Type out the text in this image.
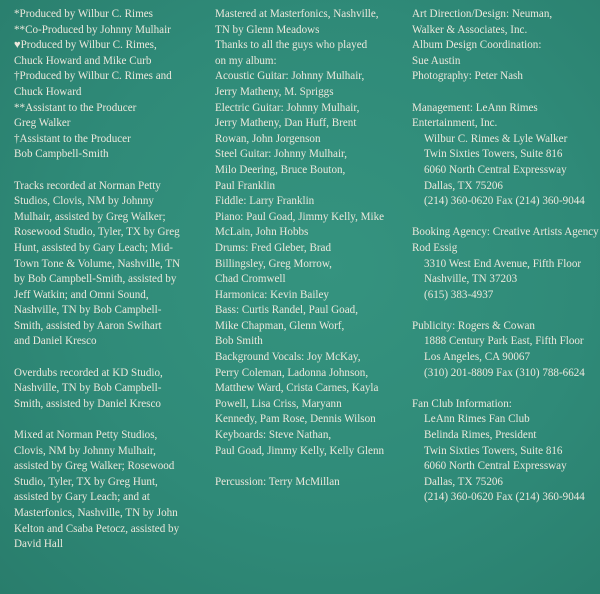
*Produced by Wilbur C. Rimes
**Co-Produced by Johnny Mulhair
♥Produced by Wilbur C. Rimes,
Chuck Howard and Mike Curb
†Produced by Wilbur C. Rimes and
Chuck Howard
**Assistant to the Producer
Greg Walker
†Assistant to the Producer
Bob Campbell-Smith
Tracks recorded at Norman Petty
Studios, Clovis, NM by Johnny
Mulhair, assisted by Greg Walker;
Rosewood Studio, Tyler, TX by Greg
Hunt, assisted by Gary Leach; Mid-
Town Tone & Volume, Nashville, TN
by Bob Campbell-Smith, assisted by
Jeff Watkin; and Omni Sound,
Nashville, TN by Bob Campbell-
Smith, assisted by Aaron Swihart
and Daniel Kresco
Overdubs recorded at KD Studio,
Nashville, TN by Bob Campbell-
Smith, assisted by Daniel Kresco
Mixed at Norman Petty Studios,
Clovis, NM by Johnny Mulhair,
assisted by Greg Walker; Rosewood
Studio, Tyler, TX by Greg Hunt,
assisted by Gary Leach; and at
Masterfonics, Nashville, TN by John
Kelton and Csaba Petocz, assisted by
David Hall
Mastered at Masterfonics, Nashville,
TN by Glenn Meadows
Thanks to all the guys who played
on my album:
Acoustic Guitar: Johnny Mulhair,
Jerry Matheny, M. Spriggs
Electric Guitar: Johnny Mulhair,
Jerry Matheny, Dan Huff, Brent
Rowan, John Jorgenson
Steel Guitar: Johnny Mulhair,
Milo Deering, Bruce Bouton,
Paul Franklin
Fiddle: Larry Franklin
Piano: Paul Goad, Jimmy Kelly, Mike
McLain, John Hobbs
Drums: Fred Gleber, Brad
Billingsley, Greg Morrow,
Chad Cromwell
Harmonica: Kevin Bailey
Bass: Curtis Randel, Paul Goad,
Mike Chapman, Glenn Worf,
Bob Smith
Background Vocals: Joy McKay,
Perry Coleman, Ladonna Johnson,
Matthew Ward, Crista Carnes, Kayla
Powell, Lisa Criss, Maryann
Kennedy, Pam Rose, Dennis Wilson
Keyboards: Steve Nathan,
Paul Goad, Jimmy Kelly, Kelly Glenn
Percussion: Terry McMillan
Art Direction/Design: Neuman,
Walker & Associates, Inc.
Album Design Coordination:
Sue Austin
Photography: Peter Nash
Management: LeAnn Rimes
Entertainment, Inc.
Wilbur C. Rimes & Lyle Walker
Twin Sixties Towers, Suite 816
6060 North Central Expressway
Dallas, TX 75206
(214) 360-0620 Fax (214) 360-9044
Booking Agency: Creative Artists Agency
Rod Essig
3310 West End Avenue, Fifth Floor
Nashville, TN 37203
(615) 383-4937
Publicity: Rogers & Cowan
1888 Century Park East, Fifth Floor
Los Angeles, CA 90067
(310) 201-8809 Fax (310) 788-6624
Fan Club Information:
LeAnn Rimes Fan Club
Belinda Rimes, President
Twin Sixties Towers, Suite 816
6060 North Central Expressway
Dallas, TX 75206
(214) 360-0620 Fax (214) 360-9044
